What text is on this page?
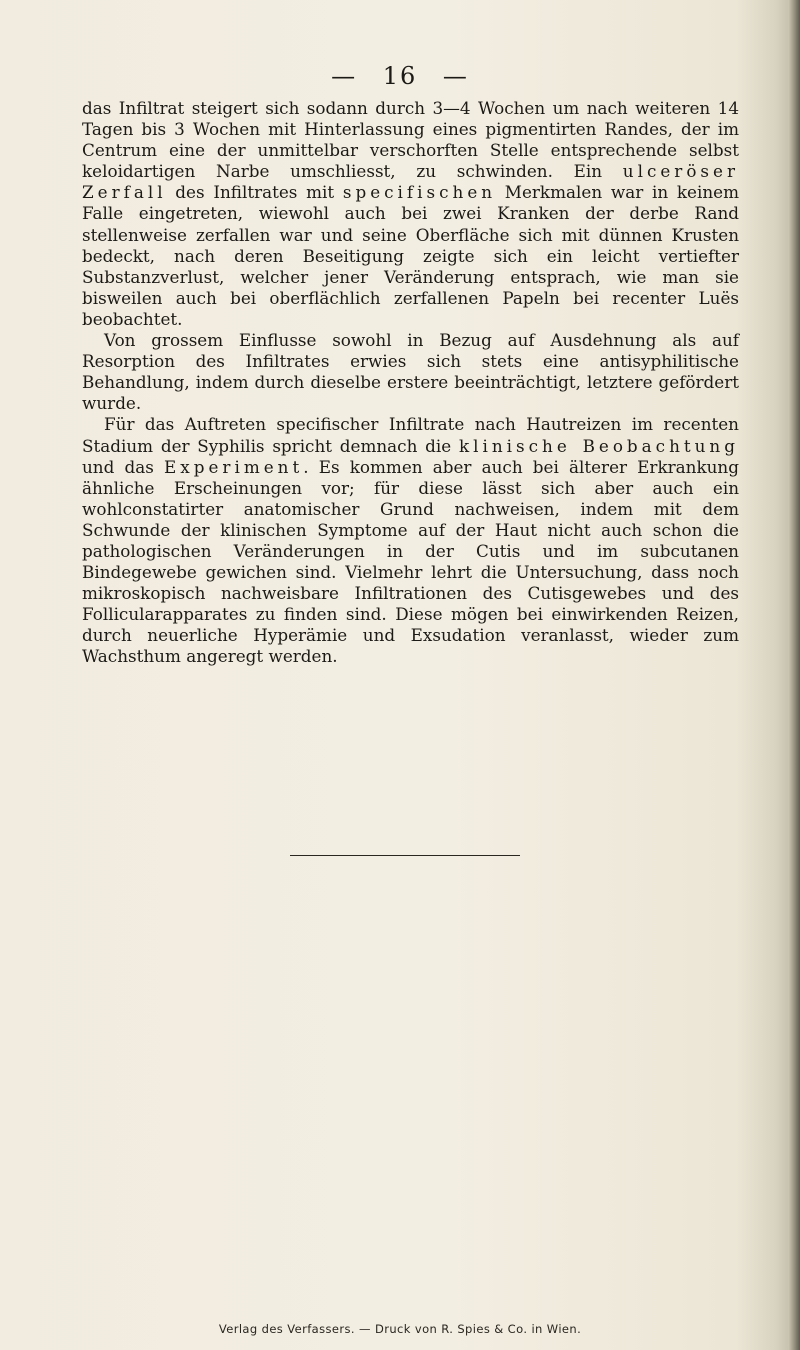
— 16 —

das Infiltrat steigert sich sodann durch 3—4 Wochen um nach weiteren 14 Tagen bis 3 Wochen mit Hinterlassung eines pigmentirten Randes, der im Centrum eine der unmittelbar verschorften Stelle entsprechende selbst keloidartigen Narbe umschliesst, zu schwinden. Ein ulceröser Zerfall des Infiltrates mit specifischen Merkmalen war in keinem Falle eingetreten, wiewohl auch bei zwei Kranken der derbe Rand stellenweise zerfallen war und seine Oberfläche sich mit dünnen Krusten bedeckt, nach deren Beseitigung zeigte sich ein leicht vertiefter Substanzverlust, welcher jener Veränderung entsprach, wie man sie bisweilen auch bei oberflächlich zerfallenen Papeln bei recenter Luës beobachtet.

Von grossem Einflusse sowohl in Bezug auf Ausdehnung als auf Resorption des Infiltrates erwies sich stets eine antisyphilitische Behandlung, indem durch dieselbe erstere beeinträchtigt, letztere gefördert wurde.

Für das Auftreten specifischer Infiltrate nach Hautreizen im recenten Stadium der Syphilis spricht demnach die klinische Beobachtung und das Experiment. Es kommen aber auch bei älterer Erkrankung ähnliche Erscheinungen vor; für diese lässt sich aber auch ein wohlconstatirter anatomischer Grund nachweisen, indem mit dem Schwunde der klinischen Symptome auf der Haut nicht auch schon die pathologischen Veränderungen in der Cutis und im subcutanen Bindegewebe gewichen sind. Vielmehr lehrt die Untersuchung, dass noch mikroskopisch nachweisbare Infiltrationen des Cutisgewebes und des Follicularapparates zu finden sind. Diese mögen bei einwirkenden Reizen, durch neuerliche Hyperämie und Exsudation veranlasst, wieder zum Wachsthum angeregt werden.

Verlag des Verfassers. — Druck von R. Spies & Co. in Wien.
